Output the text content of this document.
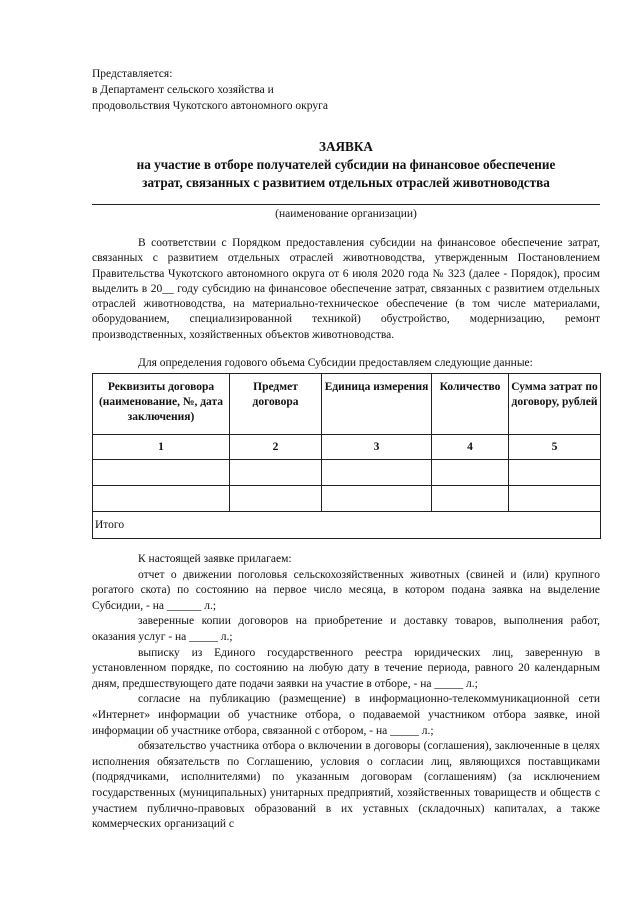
Представляется:
в Департамент сельского хозяйства и
продовольствия Чукотского автономного округа
ЗАЯВКА
на участие в отборе получателей субсидии на финансовое обеспечение
затрат, связанных с развитием отдельных отраслей животноводства
(наименование организации)

В соответствии с Порядком предоставления субсидии на финансовое обеспечение затрат, связанных с развитием отдельных отраслей животноводства, утвержденным Постановлением Правительства Чукотского автономного округа от 6 июля 2020 года № 323 (далее - Порядок), просим выделить в 20__ году субсидию на финансовое обеспечение затрат, связанных с развитием отдельных отраслей животноводства, на материально-техническое обеспечение (в том числе материалами, оборудованием, специализированной техникой) обустройство, модернизацию, ремонт производственных, хозяйственных объектов животноводства.

Для определения годового объема Субсидии предоставляем следующие данные:

Реквизиты договора (наименование, №, дата заключения)	Предмет договора	Единица измерения	Количество	Сумма затрат по договору, рублей
1	2	3	4	5

Итого				

К настоящей заявке прилагаем:

отчет о движении поголовья сельскохозяйственных животных (свиней и (или) крупного рогатого скота) по состоянию на первое число месяца, в котором подана заявка на выделение Субсидии, - на ______ л.;

заверенные копии договоров на приобретение и доставку товаров, выполнения работ, оказания услуг - на _____ л.;

выписку из Единого государственного реестра юридических лиц, заверенную в установленном порядке, по состоянию на любую дату в течение периода, равного 20 календарным дням, предшествующего дате подачи заявки на участие в отборе, - на _____ л.;

согласие на публикацию (размещение) в информационно-телекоммуникационной сети «Интернет» информации об участнике отбора, о подаваемой участником отбора заявке, иной информации об участнике отбора, связанной с отбором, - на _____ л.;

обязательство участника отбора о включении в договоры (соглашения), заключенные в целях исполнения обязательств по Соглашению, условия о согласии лиц, являющихся поставщиками (подрядчиками, исполнителями) по указанным договорам (соглашениям) (за исключением государственных (муниципальных) унитарных предприятий, хозяйственных товариществ и обществ с участием публично-правовых образований в их уставных (складочных) капиталах, а также коммерческих организаций с
